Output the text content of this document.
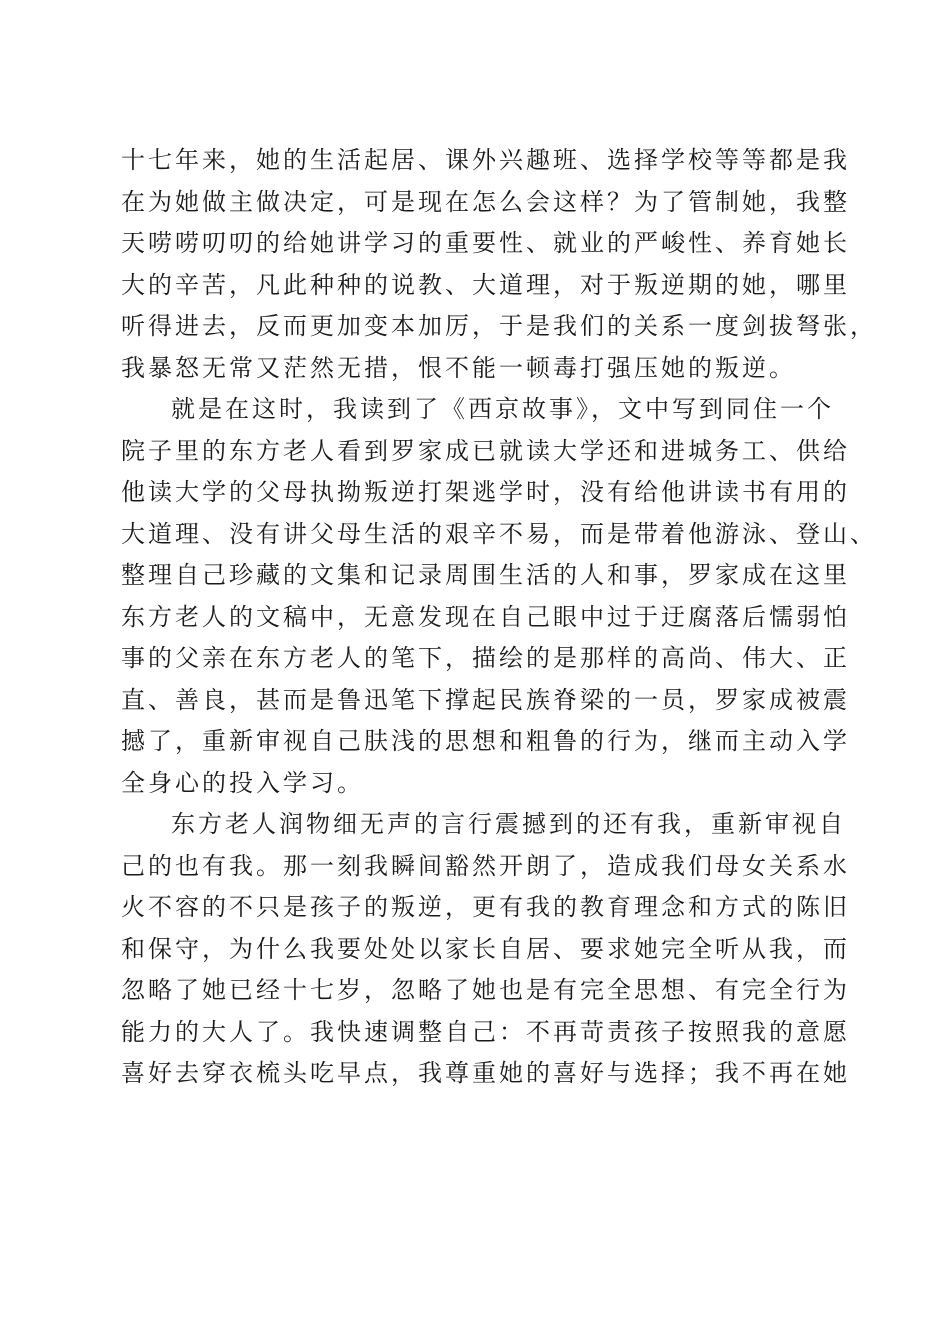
十七年来，她的生活起居、课外兴趣班、选择学校等等都是我
在为她做主做决定，可是现在怎么会这样？为了管制她，我整
天唠唠叨叨的给她讲学习的重要性、就业的严峻性、养育她长
大的辛苦，凡此种种的说教、大道理，对于叛逆期的她，哪里
听得进去，反而更加变本加厉，于是我们的关系一度剑拔弩张，
我暴怒无常又茫然无措，恨不能一顿毒打强压她的叛逆。
就是在这时，我读到了《西京故事》，文中写到同住一个
院子里的东方老人看到罗家成已就读大学还和进城务工、供给
他读大学的父母执拗叛逆打架逃学时，没有给他讲读书有用的
大道理、没有讲父母生活的艰辛不易，而是带着他游泳、登山、
整理自己珍藏的文集和记录周围生活的人和事，罗家成在这里
东方老人的文稿中，无意发现在自己眼中过于迂腐落后懦弱怕
事的父亲在东方老人的笔下，描绘的是那样的高尚、伟大、正
直、善良，甚而是鲁迅笔下撑起民族脊梁的一员，罗家成被震
撼了，重新审视自己肤浅的思想和粗鲁的行为，继而主动入学
全身心的投入学习。
东方老人润物细无声的言行震撼到的还有我，重新审视自
己的也有我。那一刻我瞬间豁然开朗了，造成我们母女关系水
火不容的不只是孩子的叛逆，更有我的教育理念和方式的陈旧
和保守，为什么我要处处以家长自居、要求她完全听从我，而
忽略了她已经十七岁，忽略了她也是有完全思想、有完全行为
能力的大人了。我快速调整自己：不再苛责孩子按照我的意愿
喜好去穿衣梳头吃早点，我尊重她的喜好与选择；我不再在她
